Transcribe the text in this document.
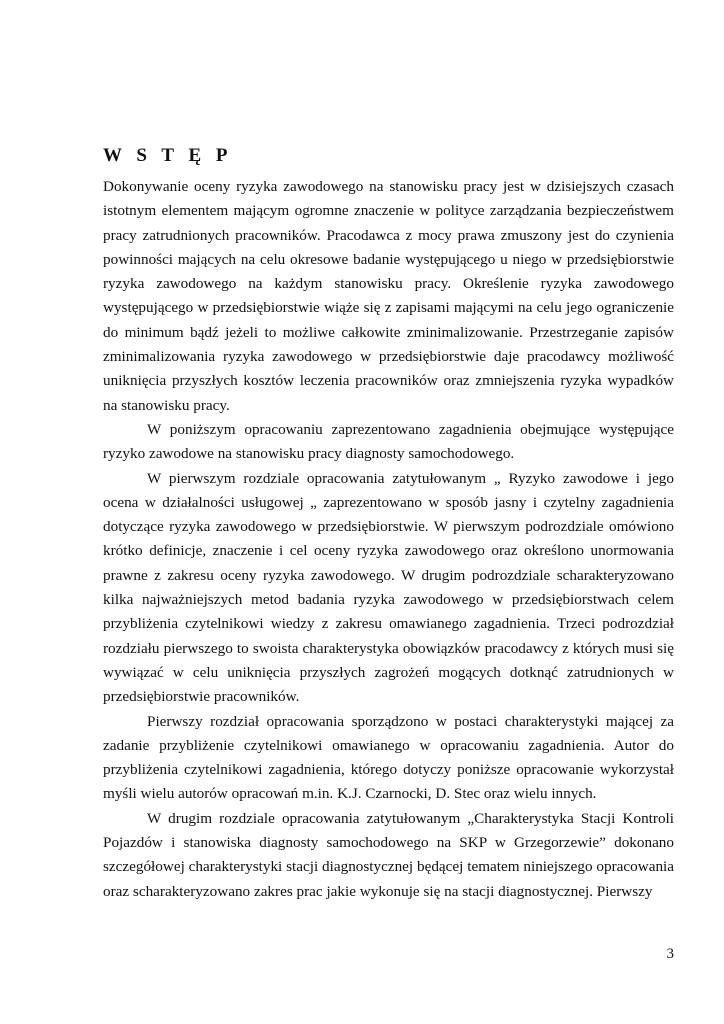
W S T Ę P

Dokonywanie oceny ryzyka zawodowego na stanowisku pracy jest w dzisiejszych czasach istotnym elementem mającym ogromne znaczenie w polityce zarządzania bezpieczeństwem pracy zatrudnionych pracowników. Pracodawca z mocy prawa zmuszony jest do czynienia powinności mających na celu okresowe badanie występującego u niego w przedsiębiorstwie ryzyka zawodowego na każdym stanowisku pracy. Określenie ryzyka zawodowego występującego w przedsiębiorstwie wiąże się z zapisami mającymi na celu jego ograniczenie do minimum bądź jeżeli to możliwe całkowite zminimalizowanie. Przestrzeganie zapisów zminimalizowania ryzyka zawodowego w przedsiębiorstwie daje pracodawcy możliwość uniknięcia przyszłych kosztów leczenia pracowników oraz zmniejszenia ryzyka wypadków na stanowisku pracy.

W poniższym opracowaniu zaprezentowano zagadnienia obejmujące występujące ryzyko zawodowe na stanowisku pracy diagnosty samochodowego.

W pierwszym rozdziale opracowania zatytułowanym „ Ryzyko zawodowe i jego ocena w działalności usługowej „ zaprezentowano w sposób jasny i czytelny zagadnienia dotyczące ryzyka zawodowego w przedsiębiorstwie. W pierwszym podrozdziale omówiono krótko definicje, znaczenie i cel oceny ryzyka zawodowego oraz określono unormowania prawne z zakresu oceny ryzyka zawodowego. W drugim podrozdziale scharakteryzowano kilka najważniejszych metod badania ryzyka zawodowego w przedsiębiorstwach celem przybliżenia czytelnikowi wiedzy z zakresu omawianego zagadnienia. Trzeci podrozdział rozdziału pierwszego to swoista charakterystyka obowiązków pracodawcy z których musi się wywiązać w celu uniknięcia przyszłych zagrożeń mogących dotknąć zatrudnionych w przedsiębiorstwie pracowników.

Pierwszy rozdział opracowania sporządzono w postaci charakterystyki mającej za zadanie przybliżenie czytelnikowi omawianego w opracowaniu zagadnienia. Autor do przybliżenia czytelnikowi zagadnienia, którego dotyczy poniższe opracowanie wykorzystał myśli wielu autorów opracowań m.in. K.J. Czarnocki, D. Stec oraz wielu innych.

W drugim rozdziale opracowania zatytułowanym „Charakterystyka Stacji Kontroli Pojazdów i stanowiska diagnosty samochodowego na SKP w Grzegorzewie” dokonano szczegółowej charakterystyki stacji diagnostycznej będącej tematem niniejszego opracowania oraz scharakteryzowano zakres prac jakie wykonuje się na stacji diagnostycznej. Pierwszy

3
